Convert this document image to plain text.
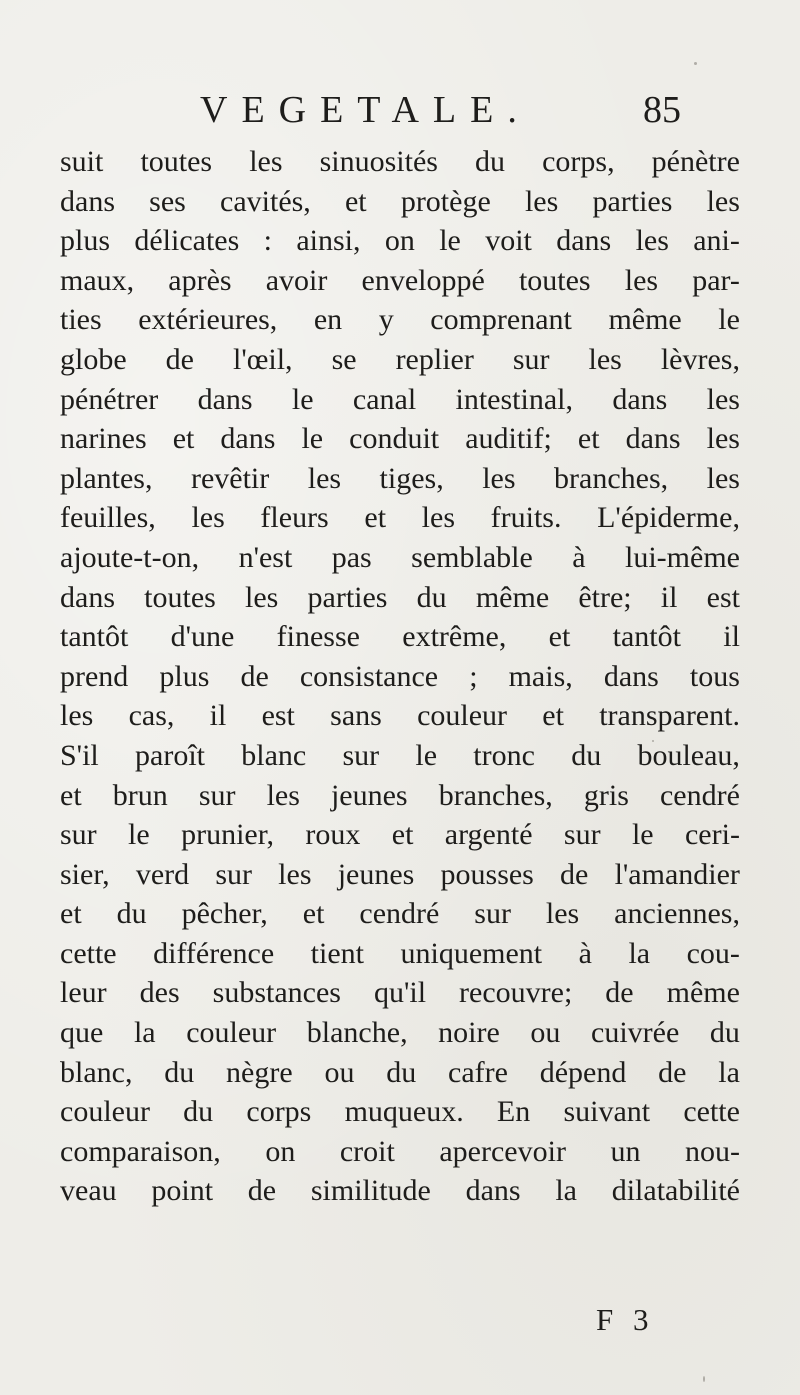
VEGETALE.	85
suit toutes les sinuosités du corps, pénètre
dans ses cavités, et protège les parties les
plus délicates : ainsi, on le voit dans les ani-
maux, après avoir enveloppé toutes les par-
ties extérieures, en y comprenant même le
globe de l'œil, se replier sur les lèvres,
pénétrer dans le canal intestinal, dans les
narines et dans le conduit auditif; et dans les
plantes, revêtir les tiges, les branches, les
feuilles, les fleurs et les fruits. L'épiderme,
ajoute-t-on, n'est pas semblable à lui-même
dans toutes les parties du même être; il est
tantôt d'une finesse extrême, et tantôt il
prend plus de consistance ; mais, dans tous
les cas, il est sans couleur et transparent.
S'il paroît blanc sur le tronc du bouleau,
et brun sur les jeunes branches, gris cendré
sur le prunier, roux et argenté sur le ceri-
sier, verd sur les jeunes pousses de l'amandier
et du pêcher, et cendré sur les anciennes,
cette différence tient uniquement à la cou-
leur des substances qu'il recouvre; de même
que la couleur blanche, noire ou cuivrée du
blanc, du nègre ou du cafre dépend de la
couleur du corps muqueux. En suivant cette
comparaison, on croit apercevoir un nou-
veau point de similitude dans la dilatabilité
F 3
